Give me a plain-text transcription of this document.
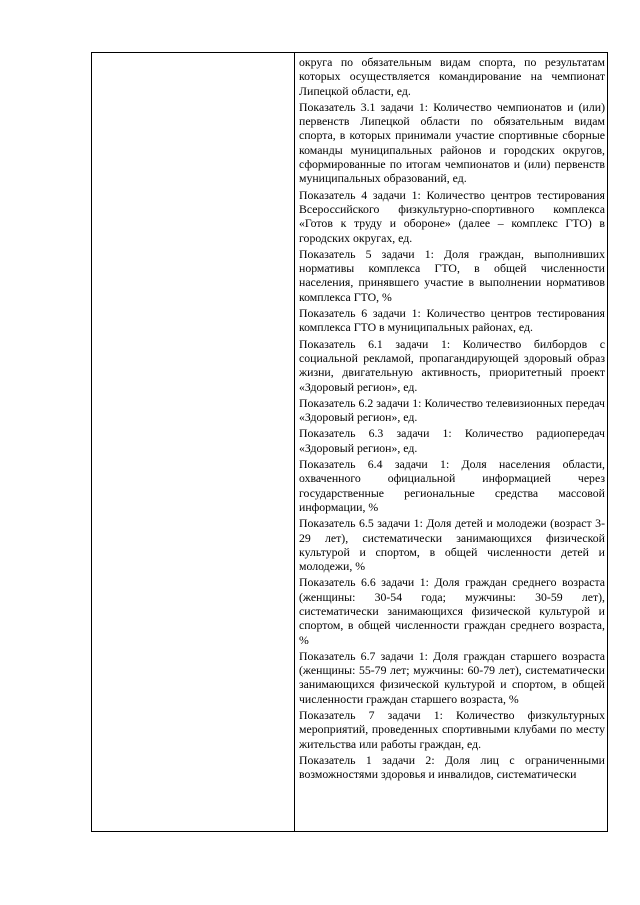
округа по обязательным видам спорта, по результатам которых осуществляется командирование на чемпионат Липецкой области, ед.

Показатель 3.1 задачи 1: Количество чемпионатов и (или) первенств Липецкой области по обязательным видам спорта, в которых принимали участие спортивные сборные команды муниципальных районов и городских округов, сформированные по итогам чемпионатов и (или) первенств муниципальных образований, ед.

Показатель 4 задачи 1: Количество центров тестирования Всероссийского физкультурно-спортивного комплекса «Готов к труду и обороне» (далее – комплекс ГТО) в городских округах, ед.

Показатель 5 задачи 1: Доля граждан, выполнивших нормативы комплекса ГТО, в общей численности населения, принявшего участие в выполнении нормативов комплекса ГТО, %

Показатель 6 задачи 1: Количество центров тестирования комплекса ГТО в муниципальных районах, ед.

Показатель 6.1 задачи 1: Количество билбордов с социальной рекламой, пропагандирующей здоровый образ жизни, двигательную активность, приоритетный проект «Здоровый регион», ед.

Показатель 6.2 задачи 1: Количество телевизионных передач «Здоровый регион», ед.

Показатель 6.3 задачи 1: Количество радиопередач «Здоровый регион», ед.

Показатель 6.4 задачи 1: Доля населения области, охваченного официальной информацией через государственные региональные средства массовой информации, %

Показатель 6.5 задачи 1: Доля детей и молодежи (возраст 3-29 лет), систематически занимающихся физической культурой и спортом, в общей численности детей и молодежи, %

Показатель 6.6 задачи 1: Доля граждан среднего возраста (женщины: 30-54 года; мужчины: 30-59 лет), систематически занимающихся физической культурой и спортом, в общей численности граждан среднего возраста, %

Показатель 6.7 задачи 1: Доля граждан старшего возраста (женщины: 55-79 лет; мужчины: 60-79 лет), систематически занимающихся физической культурой и спортом, в общей численности граждан старшего возраста, %

Показатель 7 задачи 1: Количество физкультурных мероприятий, проведенных спортивными клубами по месту жительства или работы граждан, ед.

Показатель 1 задачи 2: Доля лиц с ограниченными возможностями здоровья и инвалидов, систематически
